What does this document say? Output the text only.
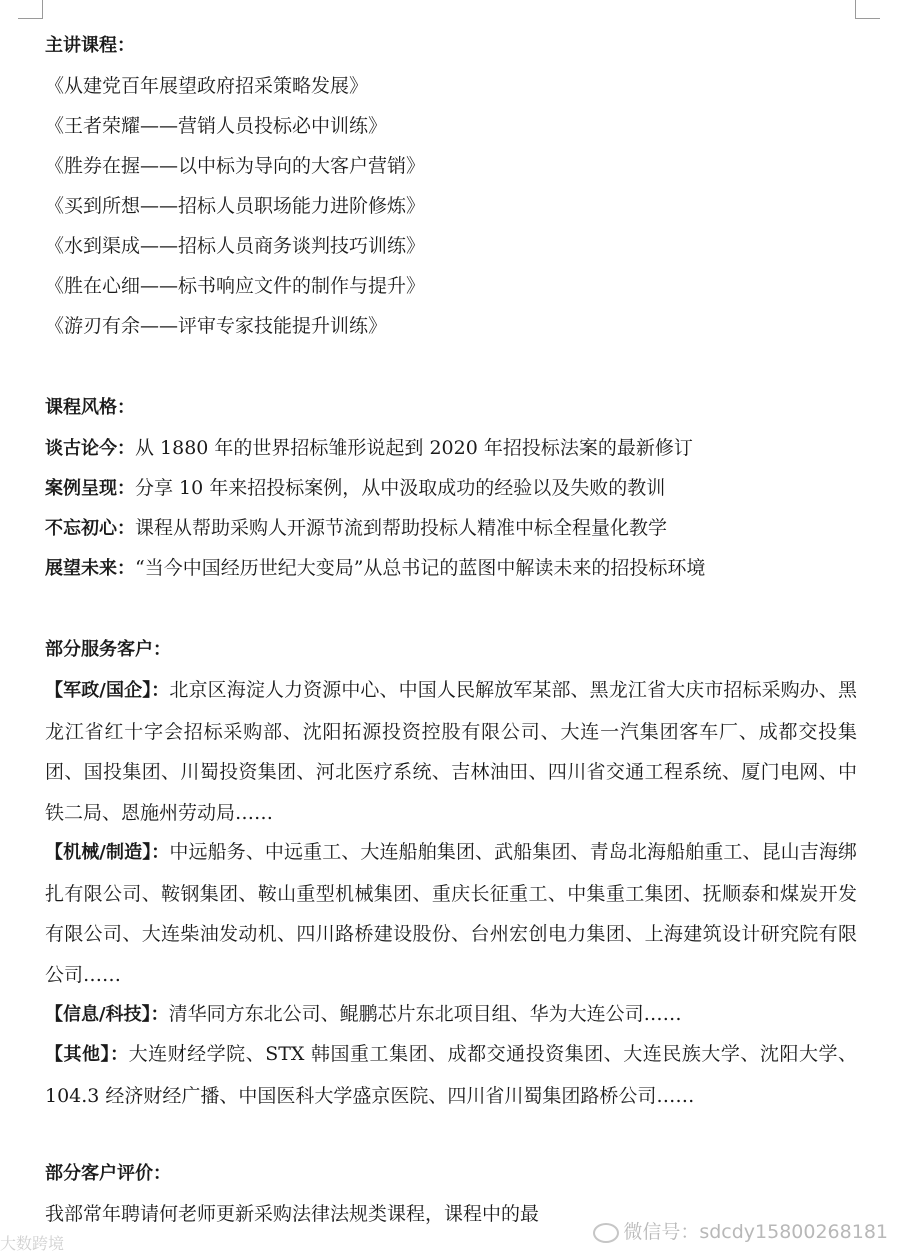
主讲课程：
《从建党百年展望政府招采策略发展》
《王者荣耀——营销人员投标必中训练》
《胜券在握——以中标为导向的大客户营销》
《买到所想——招标人员职场能力进阶修炼》
《水到渠成——招标人员商务谈判技巧训练》
《胜在心细——标书响应文件的制作与提升》
《游刃有余——评审专家技能提升训练》
课程风格：
谈古论今：从 1880 年的世界招标雏形说起到 2020 年招投标法案的最新修订
案例呈现：分享 10 年来招投标案例，从中汲取成功的经验以及失败的教训
不忘初心：课程从帮助采购人开源节流到帮助投标人精准中标全程量化教学
展望未来：“当今中国经历世纪大变局”从总书记的蓝图中解读未来的招投标环境
部分服务客户：
【军政/国企】：北京区海淀人力资源中心、中国人民解放军某部、黑龙江省大庆市招标采购办、黑龙江省红十字会招标采购部、沈阳拓源投资控股有限公司、大连一汽集团客车厂、成都交投集团、国投集团、川蜀投资集团、河北医疗系统、吉林油田、四川省交通工程系统、厦门电网、中铁二局、恩施州劳动局……
【机械/制造】：中远船务、中远重工、大连船舶集团、武船集团、青岛北海船舶重工、昆山吉海绑扎有限公司、鞍钢集团、鞍山重型机械集团、重庆长征重工、中集重工集团、抚顺泰和煤炭开发有限公司、大连柴油发动机、四川路桥建设股份、台州宏创电力集团、上海建筑设计研究院有限公司……
【信息/科技】：清华同方东北公司、鲲鹏芯片东北项目组、华为大连公司……
【其他】：大连财经学院、STX 韩国重工集团、成都交通投资集团、大连民族大学、沈阳大学、104.3 经济财经广播、中国医科大学盛京医院、四川省川蜀集团路桥公司……
部分客户评价：
我部常年聘请何老师更新采购法律法规类课程，课程中的最
大数跨境
微信号：sdcdy15800268181
